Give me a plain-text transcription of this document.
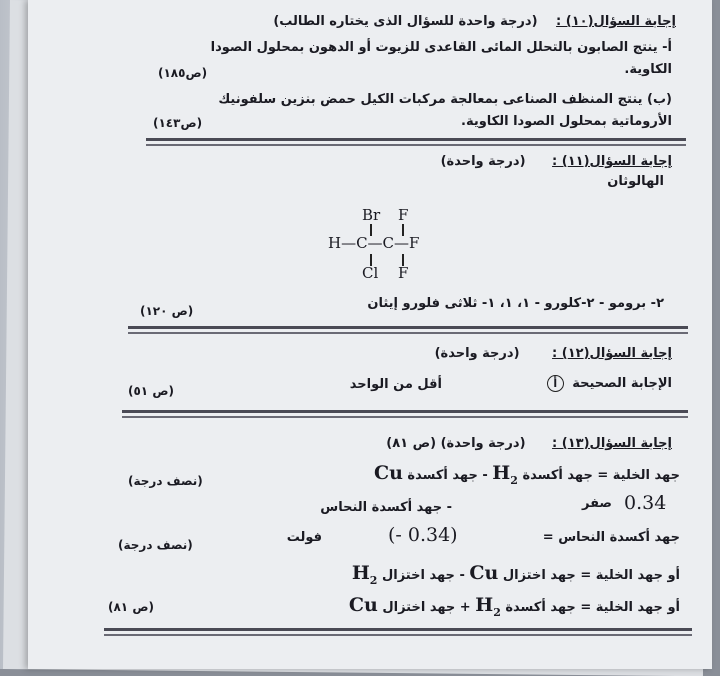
إجابة السؤال(١٠) : (درجة واحدة للسؤال الذى يختاره الطالب)
أ- ينتج الصابون بالتحلل المائى القاعدى للزيوت أو الدهون بمحلول الصودا
الكاوية.
(ص١٨٥)
(ب) ينتج المنظف الصناعى بمعالجة مركبات الكيل حمض بنزين سلفونيك
الأروماتية بمحلول الصودا الكاوية.
(ص١٤٣)
إجابة السؤال(١١) : (درجة واحدة)
الهالوثان
Br F
H—C—C—F
Cl F
٢- برومو - ٢-كلورو - ١، ١، ١- ثلاثى فلورو إيثان
(ص ١٢٠)
إجابة السؤال(١٢) : (درجة واحدة)
الإجابة الصحيحة أ
أقل من الواحد
(ص ٥١)
إجابة السؤال(١٣) : (درجة واحدة) (ص ٨١)
جهد الخلية = جهد أكسدة $H_2$ - جهد أكسدة Cu
(نصف درجة)
صفر
- جهد أكسدة النحاس	0.34
جهد أكسدة النحاس =
(- 0.34)
فولت
(نصف درجة)
أو جهد الخلية = جهد اختزال Cu - جهد اختزال $H_2$
أو جهد الخلية = جهد أكسدة $H_2$ + جهد اختزال Cu
(ص ٨١)
